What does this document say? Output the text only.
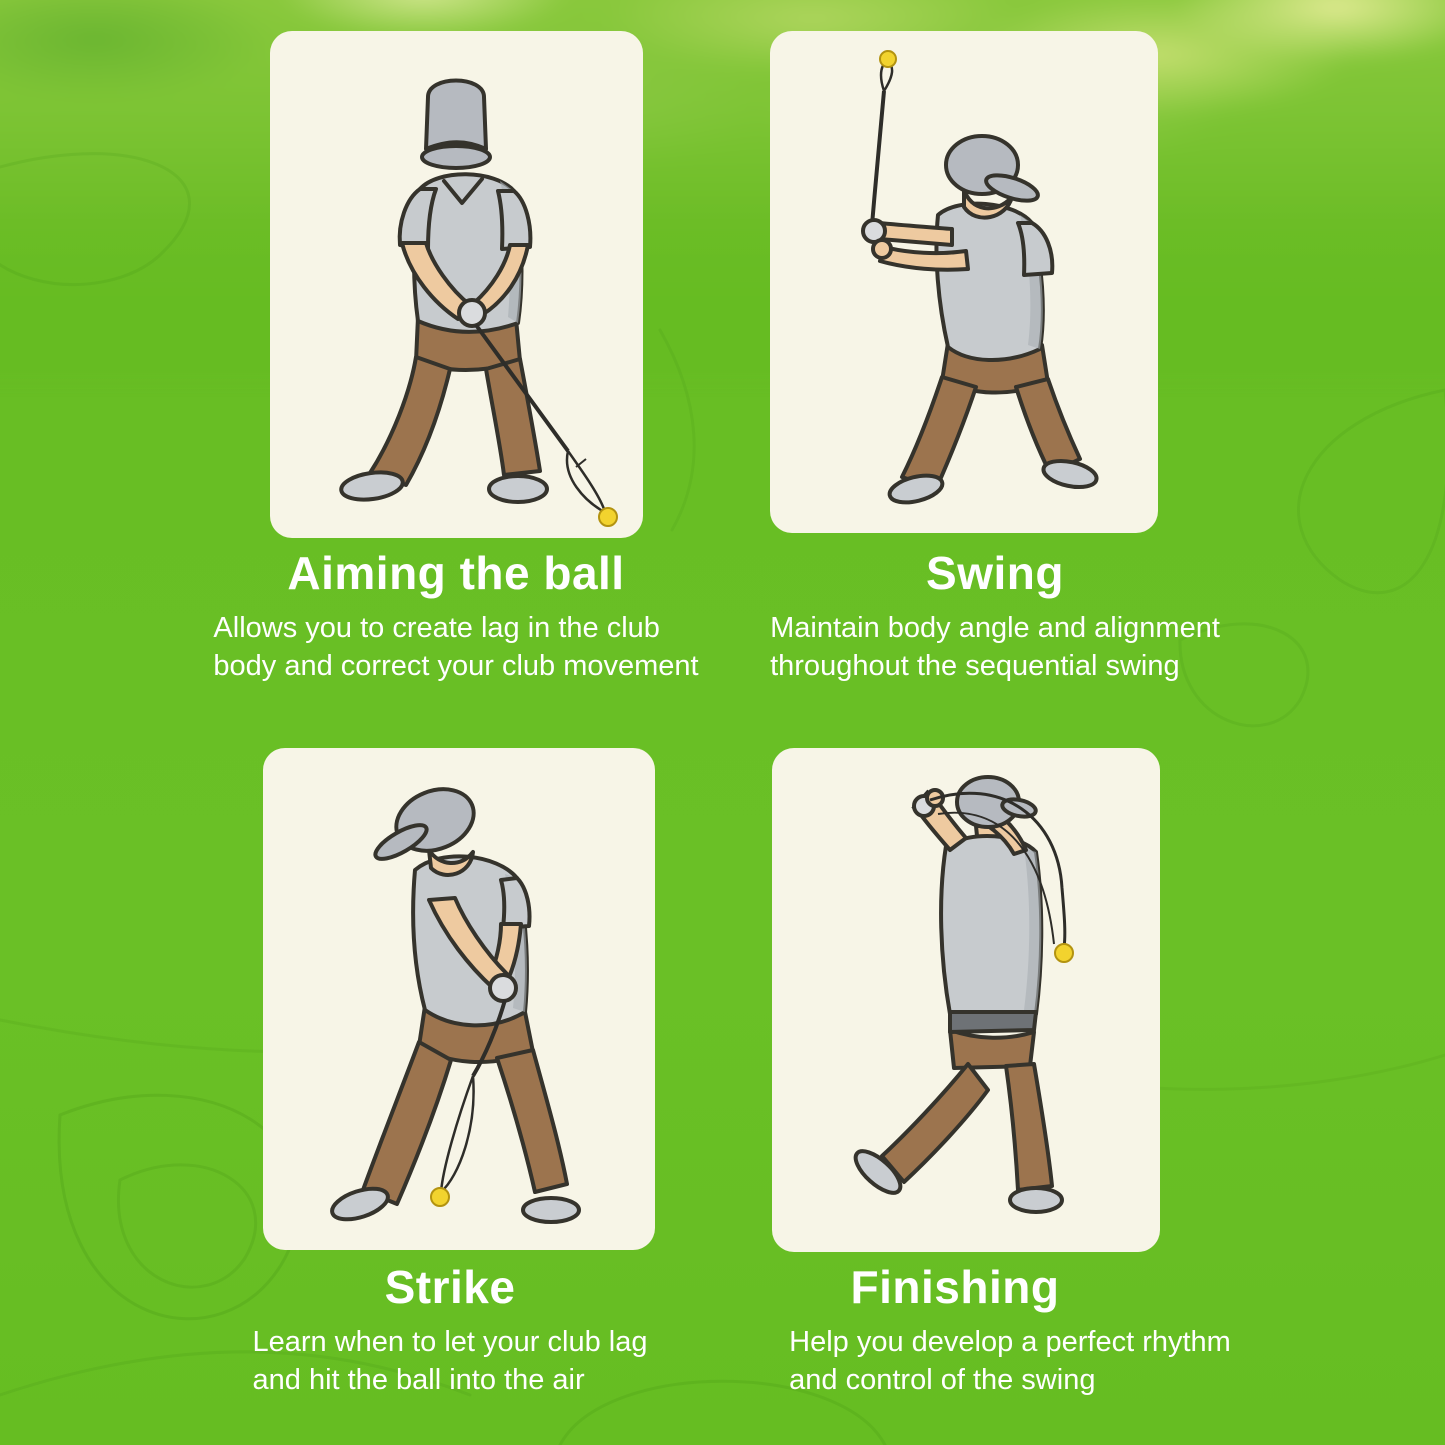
Aiming the ball
Allows you to create lag in the club
body and correct your club movement
Swing
Maintain body angle and alignment
throughout the sequential swing
Strike
Learn when to let your club lag
and hit the ball into the air
Finishing
Help you develop a perfect rhythm
and control of the swing
